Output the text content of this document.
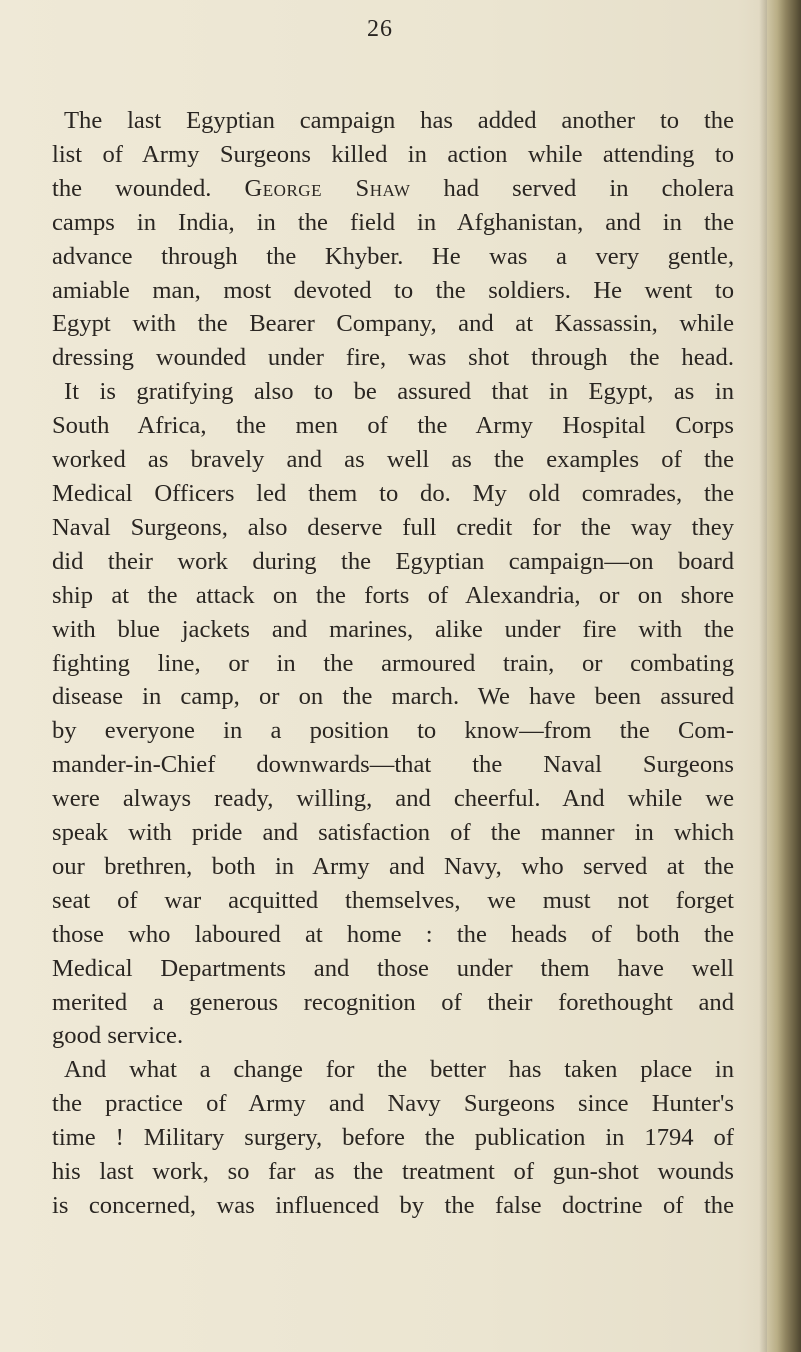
26
The last Egyptian campaign has added another to the
list of Army Surgeons killed in action while attending to
the wounded. George Shaw had served in cholera
camps in India, in the field in Afghanistan, and in the
advance through the Khyber. He was a very gentle,
amiable man, most devoted to the soldiers. He went to
Egypt with the Bearer Company, and at Kassassin, while
dressing wounded under fire, was shot through the head.
It is gratifying also to be assured that in Egypt, as in
South Africa, the men of the Army Hospital Corps
worked as bravely and as well as the examples of the
Medical Officers led them to do. My old comrades, the
Naval Surgeons, also deserve full credit for the way they
did their work during the Egyptian campaign—on board
ship at the attack on the forts of Alexandria, or on shore
with blue jackets and marines, alike under fire with the
fighting line, or in the armoured train, or combating
disease in camp, or on the march. We have been assured
by everyone in a position to know—from the Com-
mander-in-Chief downwards—that the Naval Surgeons
were always ready, willing, and cheerful. And while we
speak with pride and satisfaction of the manner in which
our brethren, both in Army and Navy, who served at the
seat of war acquitted themselves, we must not forget
those who laboured at home : the heads of both the
Medical Departments and those under them have well
merited a generous recognition of their forethought and
good service.
And what a change for the better has taken place in
the practice of Army and Navy Surgeons since Hunter's
time ! Military surgery, before the publication in 1794 of
his last work, so far as the treatment of gun-shot wounds
is concerned, was influenced by the false doctrine of the
